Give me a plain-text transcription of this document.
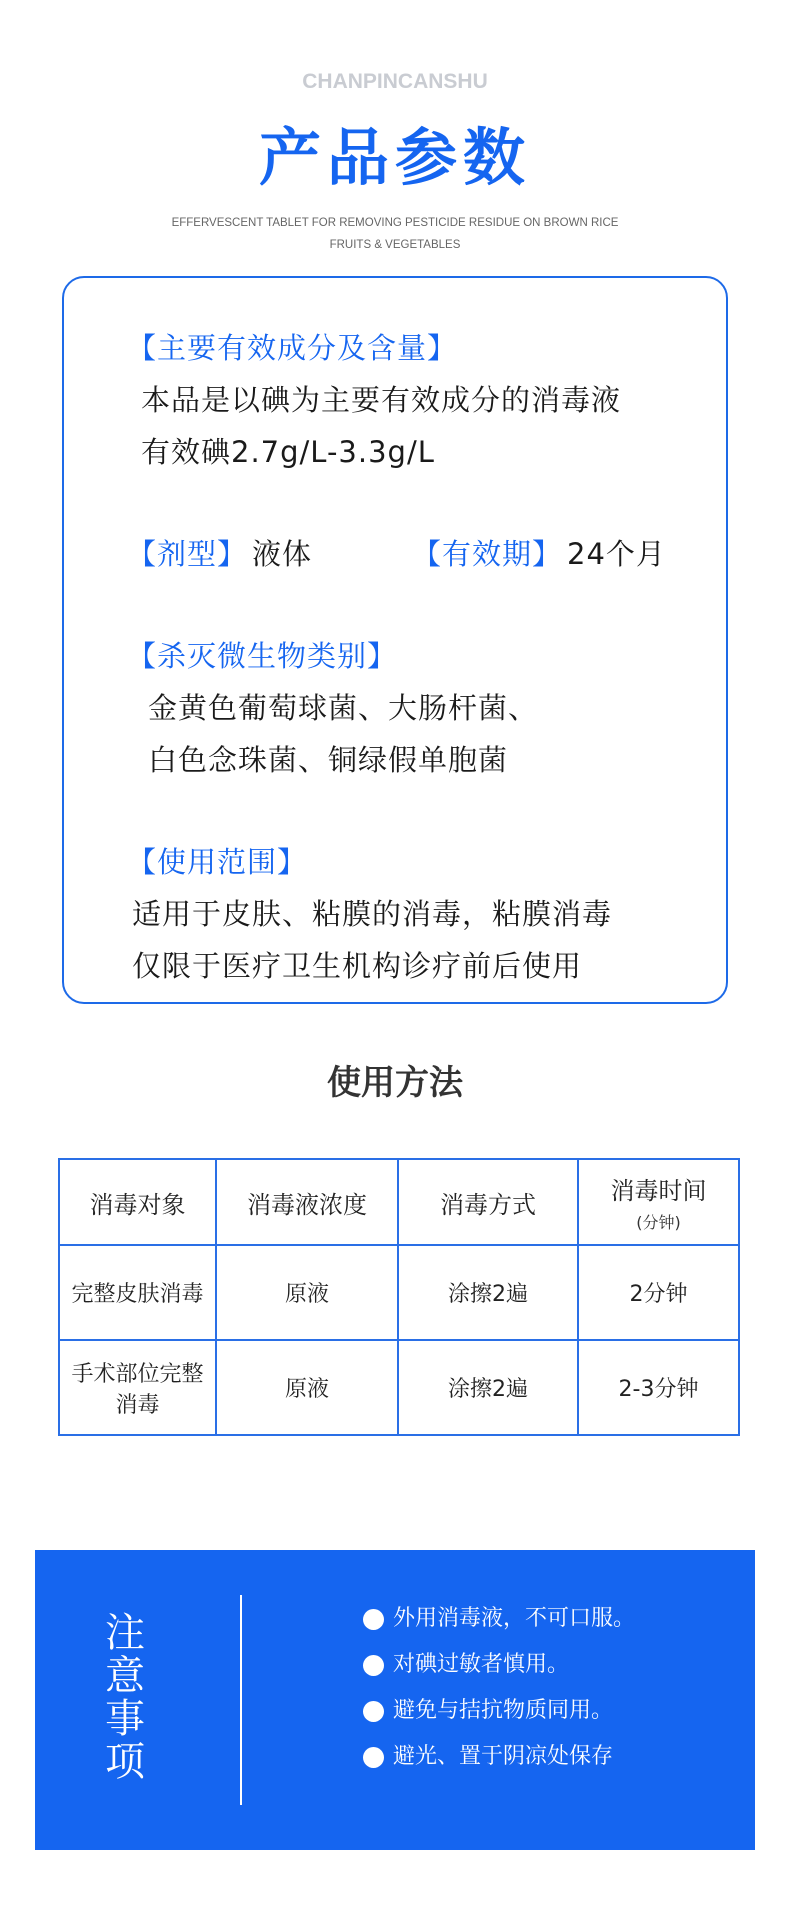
CHANPINCANSHU
产品参数
EFFERVESCENT TABLET FOR REMOVING PESTICIDE RESIDUE ON BROWN RICE
FRUITS & VEGETABLES
【主要有效成分及含量】
本品是以碘为主要有效成分的消毒液
有效碘2.7g/L-3.3g/L
【剂型】 液体	【有效期】 24个月
【杀灭微生物类别】
金黄色葡萄球菌、大肠杆菌、
白色念珠菌、铜绿假单胞菌
【使用范围】
适用于皮肤、粘膜的消毒，粘膜消毒
仅限于医疗卫生机构诊疗前后使用
使用方法
消毒对象	消毒液浓度	消毒方式	消毒时间
(分钟)

完整皮肤消毒	原液	涂擦2遍	2分钟

手术部位完整
消毒	原液	涂擦2遍	2-3分钟
注
意
事
项
外用消毒液，不可口服。
对碘过敏者慎用。
避免与拮抗物质同用。
避光、置于阴凉处保存
